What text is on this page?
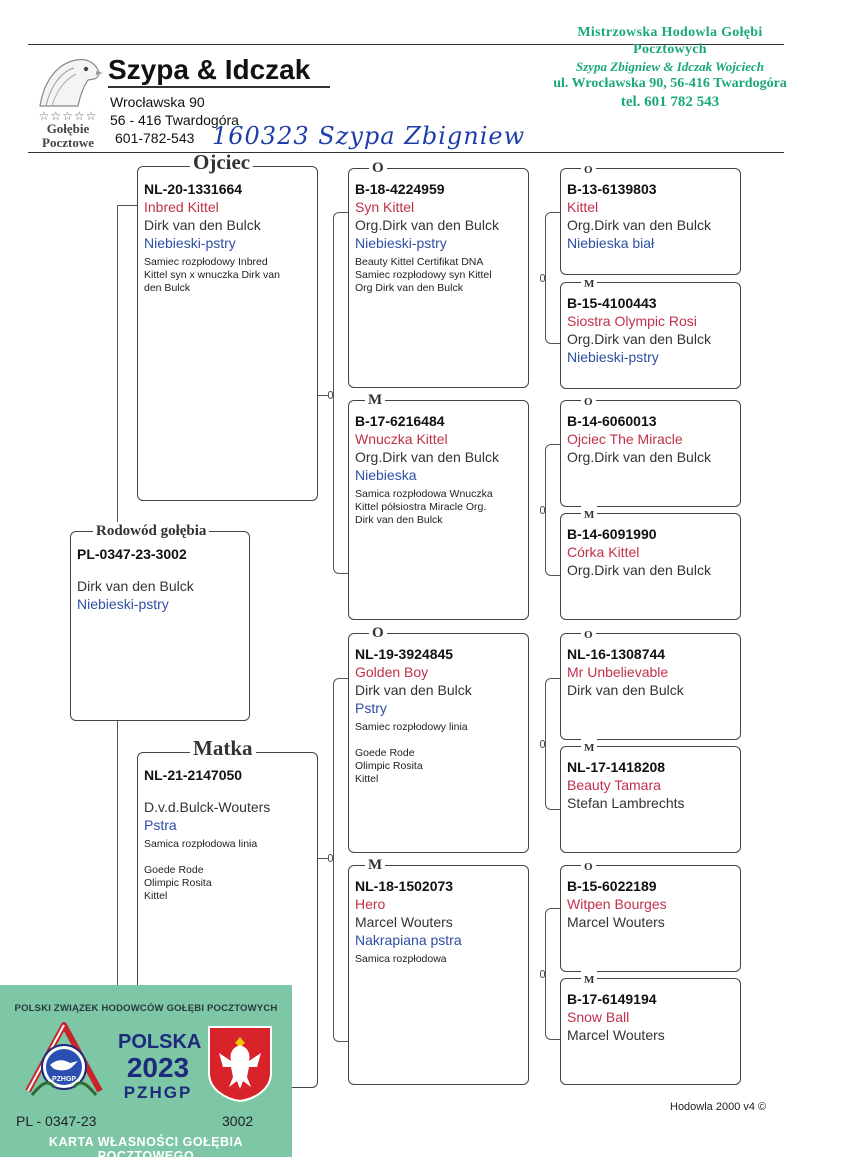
☆☆☆☆☆
Gołębie
Pocztowe
Szypa & Idczak
Wrocławska 90
56 - 416 Twardogóra
601-782-543 160323 Szypa Zbigniew
Mistrzowska Hodowla Gołębi Pocztowych
Szypa Zbigniew & Idczak Wojciech
ul. Wrocławska 90, 56-416 Twardogóra
tel. 601 782 543
Ojciec
NL-20-1331664
Inbred Kittel
Dirk van den Bulck
Niebieski-pstry
Samiec rozpłodowy Inbred
Kittel syn x wnuczka Dirk van
den Bulck
Rodowód gołębia
PL-0347-23-3002
Dirk van den Bulck
Niebieski-pstry
Matka
NL-21-2147050
D.v.d.Bulck-Wouters
Pstra
Samica rozpłodowa linia

Goede Rode
Olimpic Rosita
Kittel
O
B-18-4224959
Syn Kittel
Org.Dirk van den Bulck
Niebieski-pstry
Beauty Kittel Certifikat DNA
Samiec rozpłodowy syn Kittel
Org Dirk van den Bulck
M
B-17-6216484
Wnuczka Kittel
Org.Dirk van den Bulck
Niebieska
Samica rozpłodowa Wnuczka
Kittel półsiostra Miracle Org.
Dirk van den Bulck
O
NL-19-3924845
Golden Boy
Dirk van den Bulck
Pstry
Samiec rozpłodowy linia

Goede Rode
Olimpic Rosita
Kittel
M
NL-18-1502073
Hero
Marcel Wouters
Nakrapiana pstra
Samica rozpłodowa
O
B-13-6139803
Kittel
Org.Dirk van den Bulck
Niebieska biał
M
B-15-4100443
Siostra Olympic Rosi
Org.Dirk van den Bulck
Niebieski-pstry
O
B-14-6060013
Ojciec The Miracle
Org.Dirk van den Bulck
M
B-14-6091990
Córka Kittel
Org.Dirk van den Bulck
O
NL-16-1308744
Mr Unbelievable
Dirk van den Bulck
M
NL-17-1418208
Beauty Tamara
Stefan Lambrechts
O
B-15-6022189
Witpen Bourges
Marcel Wouters
M
B-17-6149194
Snow Ball
Marcel Wouters
POLSKI ZWIĄZEK HODOWCÓW GOŁĘBI POCZTOWYCH
PZHGP
POLSKA
2023
PZHGP
PL - 0347-23	3002
KARTA WŁASNOŚCI GOŁĘBIA POCZTOWEGO
Hodowla 2000 v4 ©
